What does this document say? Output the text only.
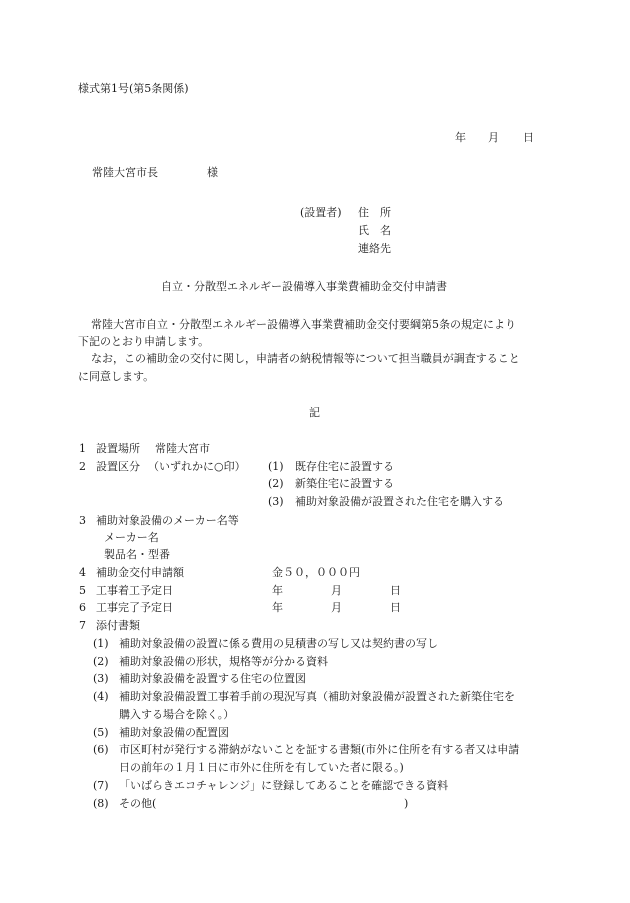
様式第1号(第5条関係)
年 月 日
常陸大宮市長	様
(設置者) 住　所
氏　名
連絡先
自立・分散型エネルギー設備導入事業費補助金交付申請書
常陸大宮市自立・分散型エネルギー設備導入事業費補助金交付要綱第5条の規定により
下記のとおり申請します。
なお，この補助金の交付に関し，申請者の納税情報等について担当職員が調査すること
に同意します。
記
1 設置場所 常陸大宮市
2 設置区分 （いずれかに○印） (1) 既存住宅に設置する
(2) 新築住宅に設置する
(3) 補助対象設備が設置された住宅を購入する
3 補助対象設備のメーカー名等
メーカー名
製品名・型番
4 補助金交付申請額	金５０，０００円
5 工事着工予定日	年	月	日
6 工事完了予定日	年	月	日
7 添付書類
(1) 補助対象設備の設置に係る費用の見積書の写し又は契約書の写し
(2) 補助対象設備の形状，規格等が分かる資料
(3) 補助対象設備を設置する住宅の位置図
(4) 補助対象設備設置工事着手前の現況写真（補助対象設備が設置された新築住宅を
購入する場合を除く。）
(5) 補助対象設備の配置図
(6) 市区町村が発行する滞納がないことを証する書類(市外に住所を有する者又は申請
日の前年の１月１日に市外に住所を有していた者に限る。)
(7) 「いばらきエコチャレンジ」に登録してあることを確認できる資料
(8) その他(	)
